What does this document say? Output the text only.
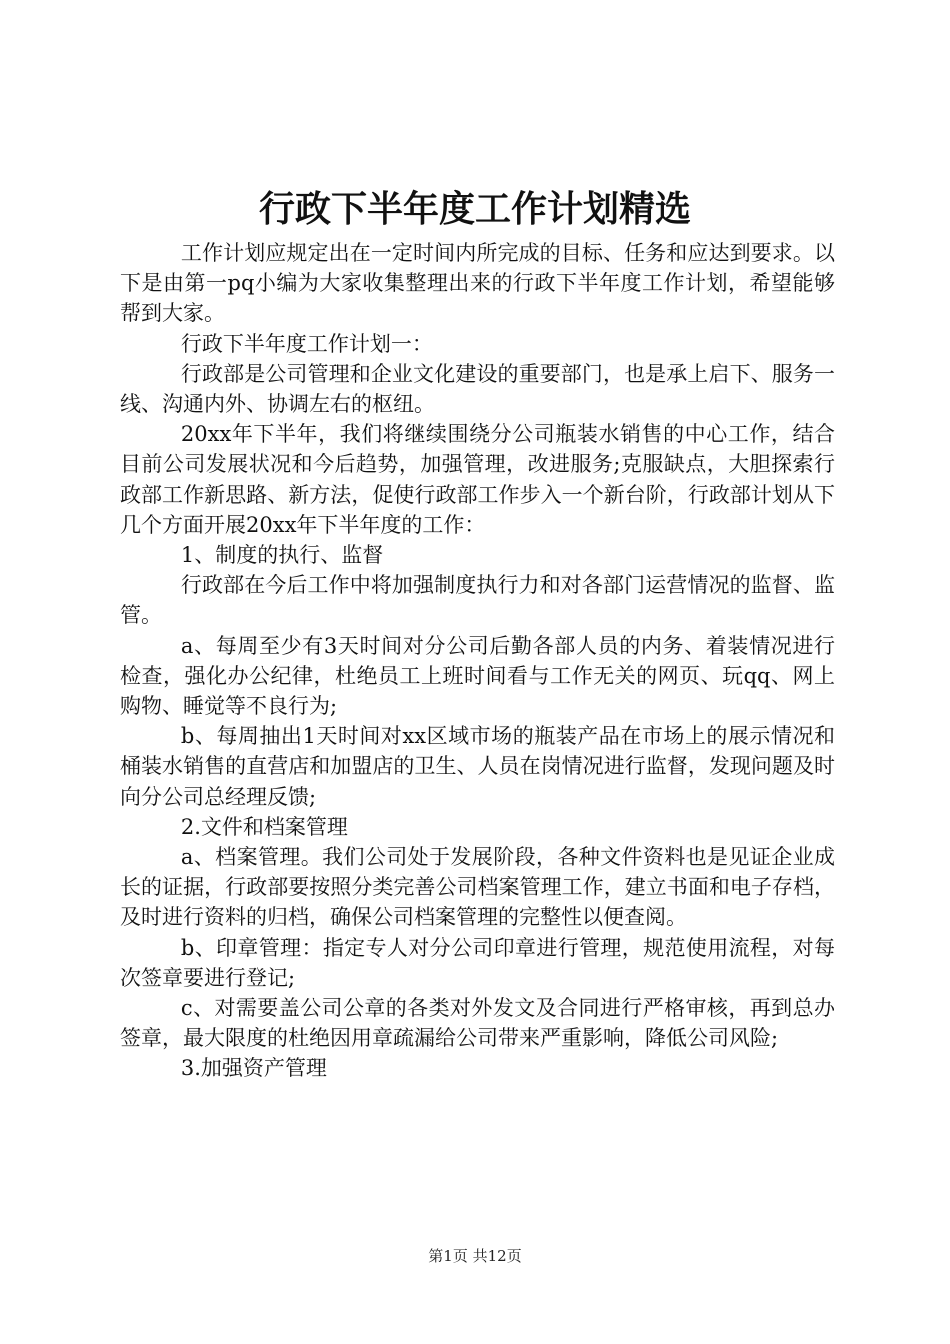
行政下半年度工作计划精选

工作计划应规定出在一定时间内所完成的目标、任务和应达到要求。以下是由第一pq小编为大家收集整理出来的行政下半年度工作计划，希望能够帮到大家。

行政下半年度工作计划一：

行政部是公司管理和企业文化建设的重要部门，也是承上启下、服务一线、沟通内外、协调左右的枢纽。

20xx年下半年，我们将继续围绕分公司瓶装水销售的中心工作，结合目前公司发展状况和今后趋势，加强管理，改进服务;克服缺点，大胆探索行政部工作新思路、新方法，促使行政部工作步入一个新台阶，行政部计划从下几个方面开展20xx年下半年度的工作：

1、制度的执行、监督

行政部在今后工作中将加强制度执行力和对各部门运营情况的监督、监管。

a、每周至少有3天时间对分公司后勤各部人员的内务、着装情况进行检查，强化办公纪律，杜绝员工上班时间看与工作无关的网页、玩qq、网上购物、睡觉等不良行为;

b、每周抽出1天时间对xx区域市场的瓶装产品在市场上的展示情况和桶装水销售的直营店和加盟店的卫生、人员在岗情况进行监督，发现问题及时向分公司总经理反馈;

2.文件和档案管理

a、档案管理。我们公司处于发展阶段，各种文件资料也是见证企业成长的证据，行政部要按照分类完善公司档案管理工作，建立书面和电子存档，及时进行资料的归档，确保公司档案管理的完整性以便查阅。

b、印章管理：指定专人对分公司印章进行管理，规范使用流程，对每次签章要进行登记;

c、对需要盖公司公章的各类对外发文及合同进行严格审核，再到总办签章，最大限度的杜绝因用章疏漏给公司带来严重影响，降低公司风险;

3.加强资产管理

第1页 共12页
